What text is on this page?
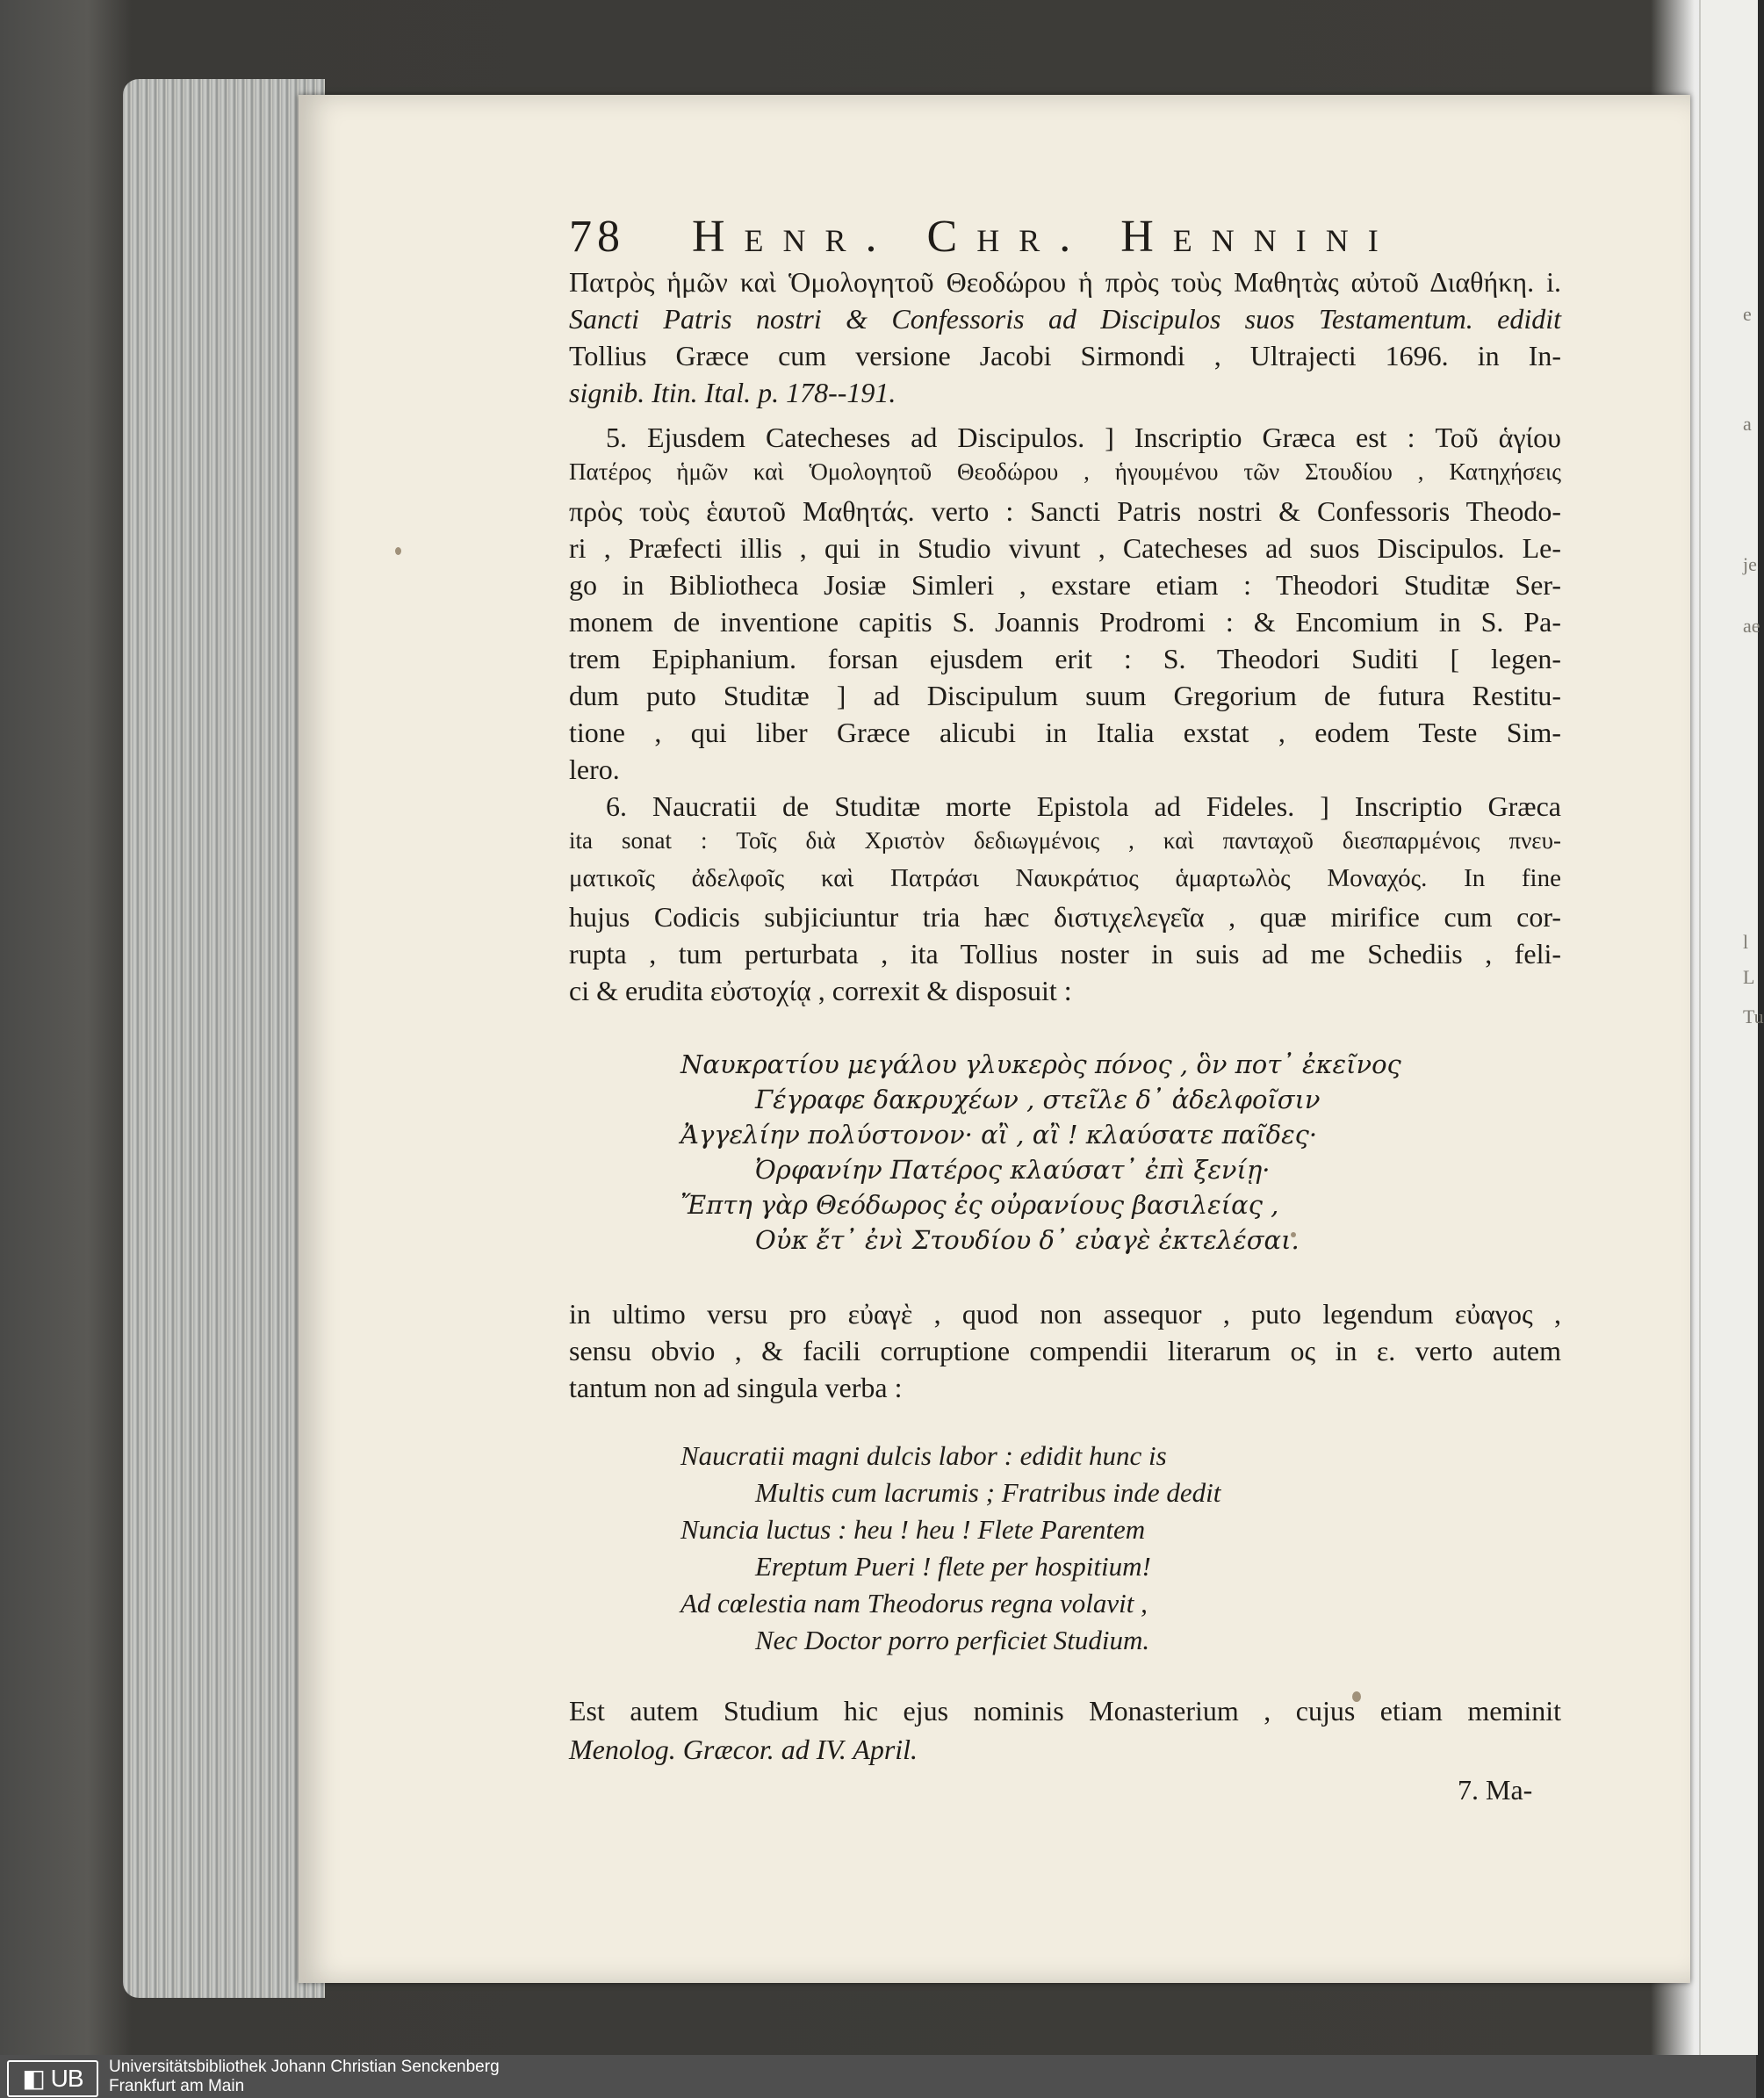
e
a
je
ae
l
L
Tu
78 Henr. Chr. Hennini
Πατρὸς ἡμῶν καὶ Ὁμολογητοῦ Θεοδώρου ἡ πρὸς τοὺς Μαθητὰς αὐτοῦ Διαθήκη. i.
Sancti Patris nostri & Confessoris ad Discipulos suos Testamentum. edidit
Tollius Græce cum versione Jacobi Sirmondi , Ultrajecti 1696. in In-
signib. Itin. Ital. p. 178--191.
5. Ejusdem Catecheses ad Discipulos. ] Inscriptio Græca est : Τοῦ ἁγίου
Πατέρος ἡμῶν καὶ Ὁμολογητοῦ Θεοδώρου , ἡγουμένου τῶν Στουδίου , Κατηχήσεις
πρὸς τοὺς ἑαυτοῦ Μαθητάς. verto : Sancti Patris nostri & Confessoris Theodo-
ri , Præfecti illis , qui in Studio vivunt , Catecheses ad suos Discipulos. Le-
go in Bibliotheca Josiæ Simleri , exstare etiam : Theodori Studitæ Ser-
monem de inventione capitis S. Joannis Prodromi : & Encomium in S. Pa-
trem Epiphanium. forsan ejusdem erit : S. Theodori Suditi [ legen-
dum puto Studitæ ] ad Discipulum suum Gregorium de futura Restitu-
tione , qui liber Græce alicubi in Italia exstat , eodem Teste Sim-
lero.
6. Naucratii de Studitæ morte Epistola ad Fideles. ] Inscriptio Græca
ita sonat : Τοῖς διὰ Χριστὸν δεδιωγμένοις , καὶ πανταχοῦ διεσπαρμένοις πνευ-
ματικοῖς ἀδελφοῖς καὶ Πατράσι Ναυκράτιος ἁμαρτωλὸς Μοναχός. In fine
hujus Codicis subjiciuntur tria hæc διστιχελεγεῖα , quæ mirifice cum cor-
rupta , tum perturbata , ita Tollius noster in suis ad me Schediis , feli-
ci & erudita εὐστοχίᾳ , correxit & disposuit :
Ναυκρατίου μεγάλου γλυκερὸς πόνος , ὃν ποτ᾽ ἐκεῖνος
Γέγραφε δακρυχέων , στεῖλε δ᾽ ἀδελφοῖσιν
Ἀγγελίην πολύστονον· αἲ , αἲ ! κλαύσατε παῖδες·
Ὀρφανίην Πατέρος κλαύσατ᾽ ἐπὶ ξενίῃ·
Ἔπτη γὰρ Θεόδωρος ἐς οὐρανίους βασιλείας ,
Οὐκ ἔτ᾽ ἐνὶ Στουδίου δ᾽ εὐαγὲ ἐκτελέσαι.
in ultimo versu pro εὐαγὲ , quod non assequor , puto legendum εὐαγος ,
sensu obvio , & facili corruptione compendii literarum ος in ε. verto autem
tantum non ad singula verba :
Naucratii magni dulcis labor : edidit hunc is
Multis cum lacrumis ; Fratribus inde dedit
Nuncia luctus : heu ! heu ! Flete Parentem
Ereptum Pueri ! flete per hospitium!
Ad cœlestia nam Theodorus regna volavit ,
Nec Doctor porro perficiet Studium.
Est autem Studium hic ejus nominis Monasterium , cujus etiam meminit
Menolog. Græcor. ad IV. April.
7. Ma-
◧ UB	Universitätsbibliothek Johann Christian Senckenberg
Frankfurt am Main
